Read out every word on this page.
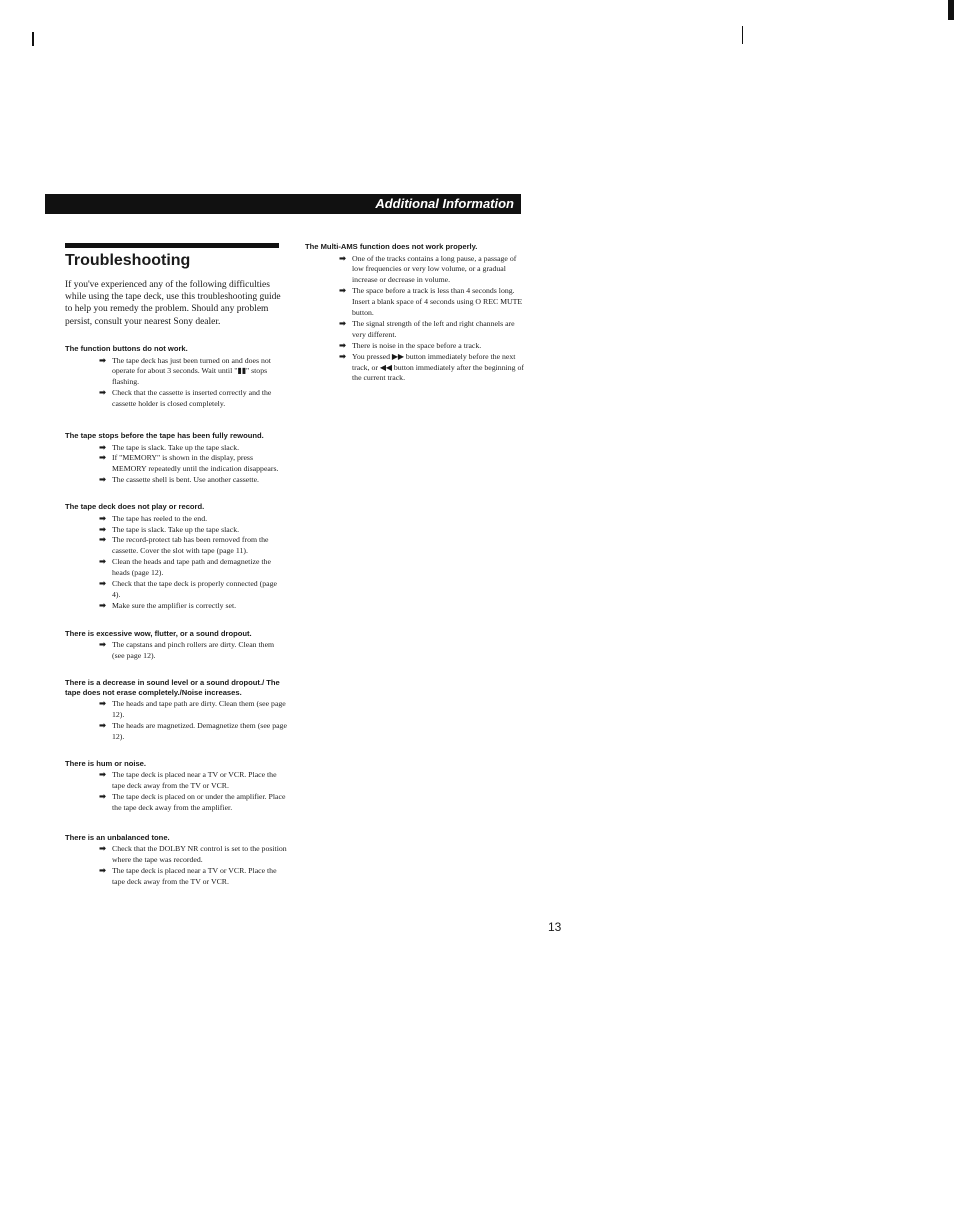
Additional Information
Troubleshooting

If you've experienced any of the following difficulties while using the tape deck, use this troubleshooting guide to help you remedy the problem. Should any problem persist, consult your nearest Sony dealer.

The function buttons do not work.
➡ The tape deck has just been turned on and does not operate for about 3 seconds. Wait until "▮▮" stops flashing.
➡ Check that the cassette is inserted correctly and the cassette holder is closed completely.
The tape stops before the tape has been fully rewound.
➡ The tape is slack. Take up the tape slack.
➡ If "MEMORY" is shown in the display, press MEMORY repeatedly until the indication disappears.
➡ The cassette shell is bent. Use another cassette.
The tape deck does not play or record.
➡ The tape has reeled to the end.
➡ The tape is slack. Take up the tape slack.
➡ The record-protect tab has been removed from the cassette. Cover the slot with tape (page 11).
➡ Clean the heads and tape path and demagnetize the heads (page 12).
➡ Check that the tape deck is properly connected (page 4).
➡ Make sure the amplifier is correctly set.
There is excessive wow, flutter, or a sound dropout.
➡ The capstans and pinch rollers are dirty. Clean them (see page 12).
There is a decrease in sound level or a sound dropout./ The tape does not erase completely./Noise increases.
➡ The heads and tape path are dirty. Clean them (see page 12).
➡ The heads are magnetized. Demagnetize them (see page 12).
There is hum or noise.
➡ The tape deck is placed near a TV or VCR. Place the tape deck away from the TV or VCR.
➡ The tape deck is placed on or under the amplifier. Place the tape deck away from the amplifier.
There is an unbalanced tone.
➡ Check that the DOLBY NR control is set to the position where the tape was recorded.
➡ The tape deck is placed near a TV or VCR. Place the tape deck away from the TV or VCR.
The Multi-AMS function does not work properly.
➡ One of the tracks contains a long pause, a passage of low frequencies or very low volume, or a gradual increase or decrease in volume.
➡ The space before a track is less than 4 seconds long. Insert a blank space of 4 seconds using O REC MUTE button.
➡ The signal strength of the left and right channels are very different.
➡ There is noise in the space before a track.
➡ You pressed ▶▶ button immediately before the next track, or ◀◀ button immediately after the beginning of the current track.
13
